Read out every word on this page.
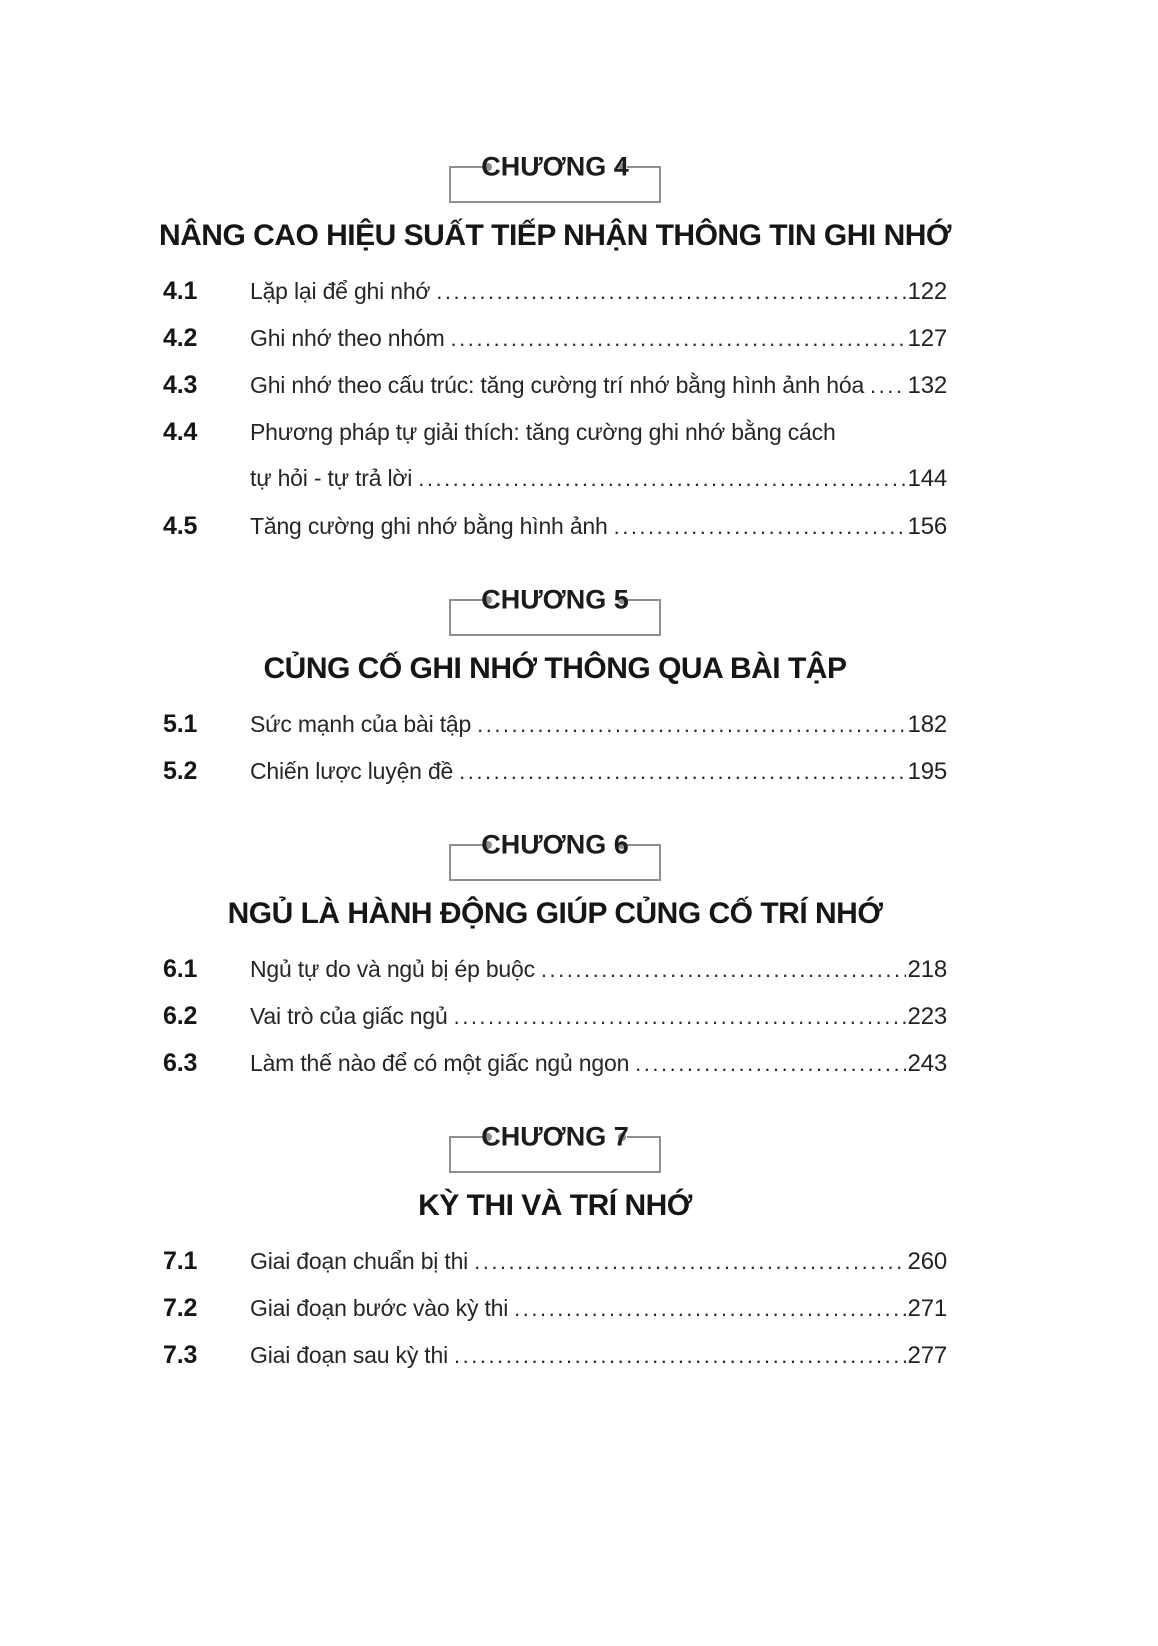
CHƯƠNG 4
NÂNG CAO HIỆU SUẤT TIẾP NHẬN THÔNG TIN GHI NHỚ
4.1	Lặp lại để ghi nhớ .....	122
4.2	Ghi nhớ theo nhóm .....	127
4.3	Ghi nhớ theo cấu trúc: tăng cường trí nhớ bằng hình ảnh hóa ..... 132
4.4	Phương pháp tự giải thích: tăng cường ghi nhớ bằng cách
tự hỏi - tự trả lời .....	144
4.5	Tăng cường ghi nhớ bằng hình ảnh .....	156
CHƯƠNG 5
CỦNG CỐ GHI NHỚ THÔNG QUA BÀI TẬP
5.1	Sức mạnh của bài tập .....	182
5.2	Chiến lược luyện đề .....	195
CHƯƠNG 6
NGỦ LÀ HÀNH ĐỘNG GIÚP CỦNG CỐ TRÍ NHỚ
6.1	Ngủ tự do và ngủ bị ép buộc .....	218
6.2	Vai trò của giấc ngủ .....	223
6.3	Làm thế nào để có một giấc ngủ ngon .....	243
CHƯƠNG 7
KỲ THI VÀ TRÍ NHỚ
7.1	Giai đoạn chuẩn bị thi .....	260
7.2	Giai đoạn bước vào kỳ thi .....	271
7.3	Giai đoạn sau kỳ thi .....	277
